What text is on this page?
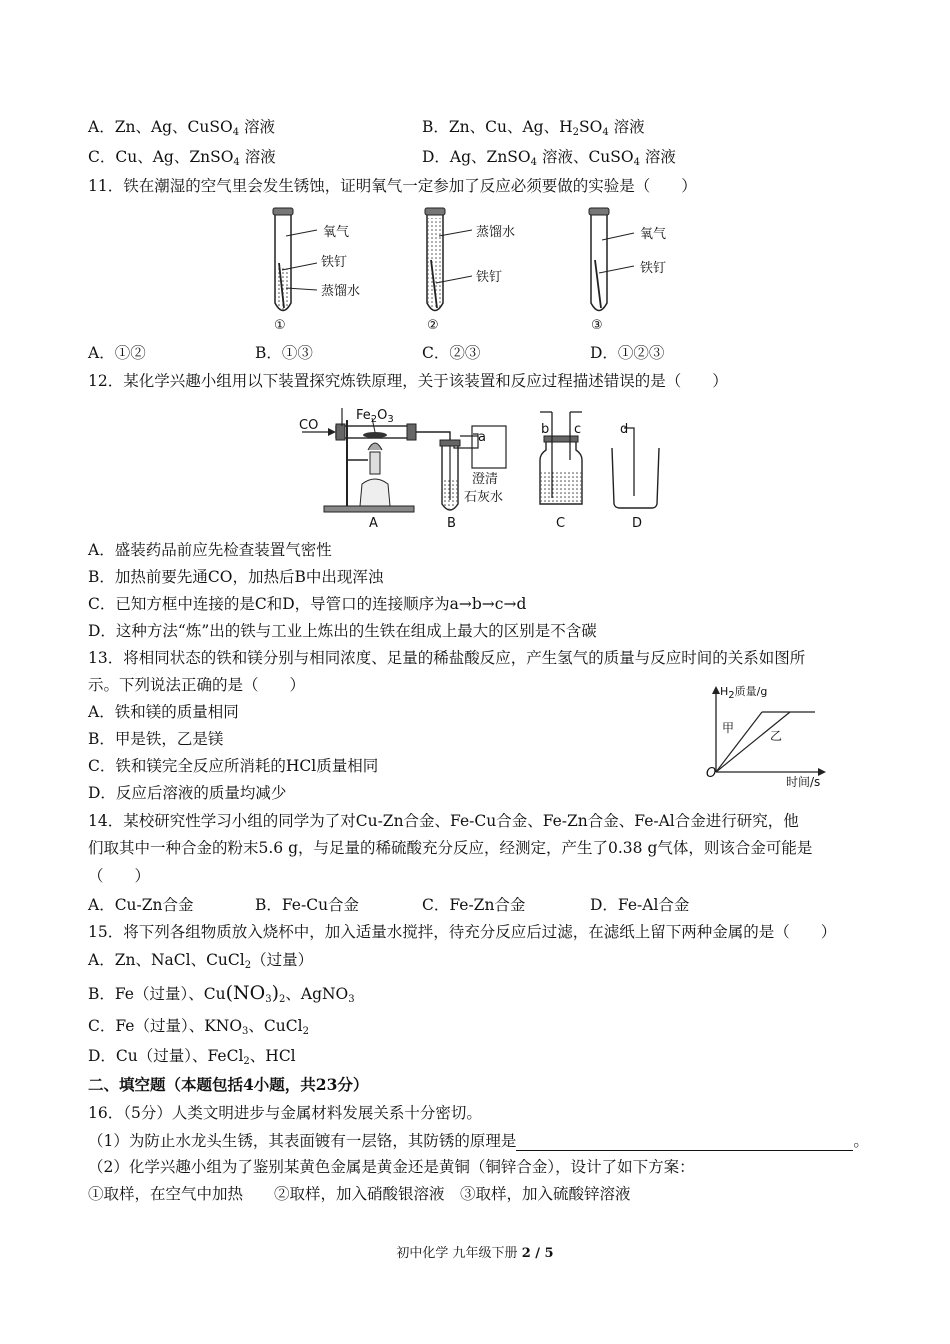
A．Zn、Ag、CuSO$_4$ 溶液	B．Zn、Cu、Ag、$H_2SO_4$ 溶液
C．Cu、Ag、ZnSO$_4$ 溶液	D．Ag、ZnSO$_4$ 溶液、CuSO$_4$ 溶液
11．铁在潮湿的空气里会发生锈蚀，证明氧气一定参加了反应必须要做的实验是（　　）
氧气
铁钉
蒸馏水
①
蒸馏水
铁钉
②
氧气
铁钉
③
A．①②	B．①③	C．②③	D．①②③
12．某化学兴趣小组用以下装置探究炼铁原理，关于该装置和反应过程描述错误的是（　　）
CO
$Fe_2O_3$
a
b c	d
澄清
石灰水
A	B	C	D
A．盛装药品前应先检查装置气密性
B．加热前要先通CO，加热后B中出现浑浊
C．已知方框中连接的是C和D，导管口的连接顺序为a→b→c→d
D．这种方法“炼”出的铁与工业上炼出的生铁在组成上最大的区别是不含碳
13．将相同状态的铁和镁分别与相同浓度、足量的稀盐酸反应，产生氢气的质量与反应时间的关系如图所
示。下列说法正确的是（　　）
A．铁和镁的质量相同
B．甲是铁，乙是镁
C．铁和镁完全反应所消耗的HCl质量相同
D．反应后溶液的质量均减少
$H_2$质量/g
时间/s
O
甲
乙
14．某校研究性学习小组的同学为了对Cu-Zn合金、Fe-Cu合金、Fe-Zn合金、Fe-Al合金进行研究，他
们取其中一种合金的粉末5.6 g，与足量的稀硫酸充分反应，经测定，产生了0.38 g气体，则该合金可能是
（　　）
A．Cu-Zn合金	B．Fe-Cu合金	C．Fe-Zn合金	D．Fe-Al合金
15．将下列各组物质放入烧杯中，加入适量水搅拌，待充分反应后过滤，在滤纸上留下两种金属的是（　　）
A．Zn、NaCl、CuCl$_2$（过量）
B．Fe（过量）、$Cu(NO_3)_2$、AgNO$_3$
C．Fe（过量）、$KNO_3$、CuCl$_2$
D．Cu（过量）、FeCl$_2$、HCl
二、填空题（本题包括4小题，共23分）
16．（5分）人类文明进步与金属材料发展关系十分密切。
（1）为防止水龙头生锈，其表面镀有一层铬，其防锈的原理是	。
（2）化学兴趣小组为了鉴别某黄色金属是黄金还是黄铜（铜锌合金），设计了如下方案：
①取样，在空气中加热　　②取样，加入硝酸银溶液　③取样，加入硫酸锌溶液
初中化学 九年级下册 2 / 5
